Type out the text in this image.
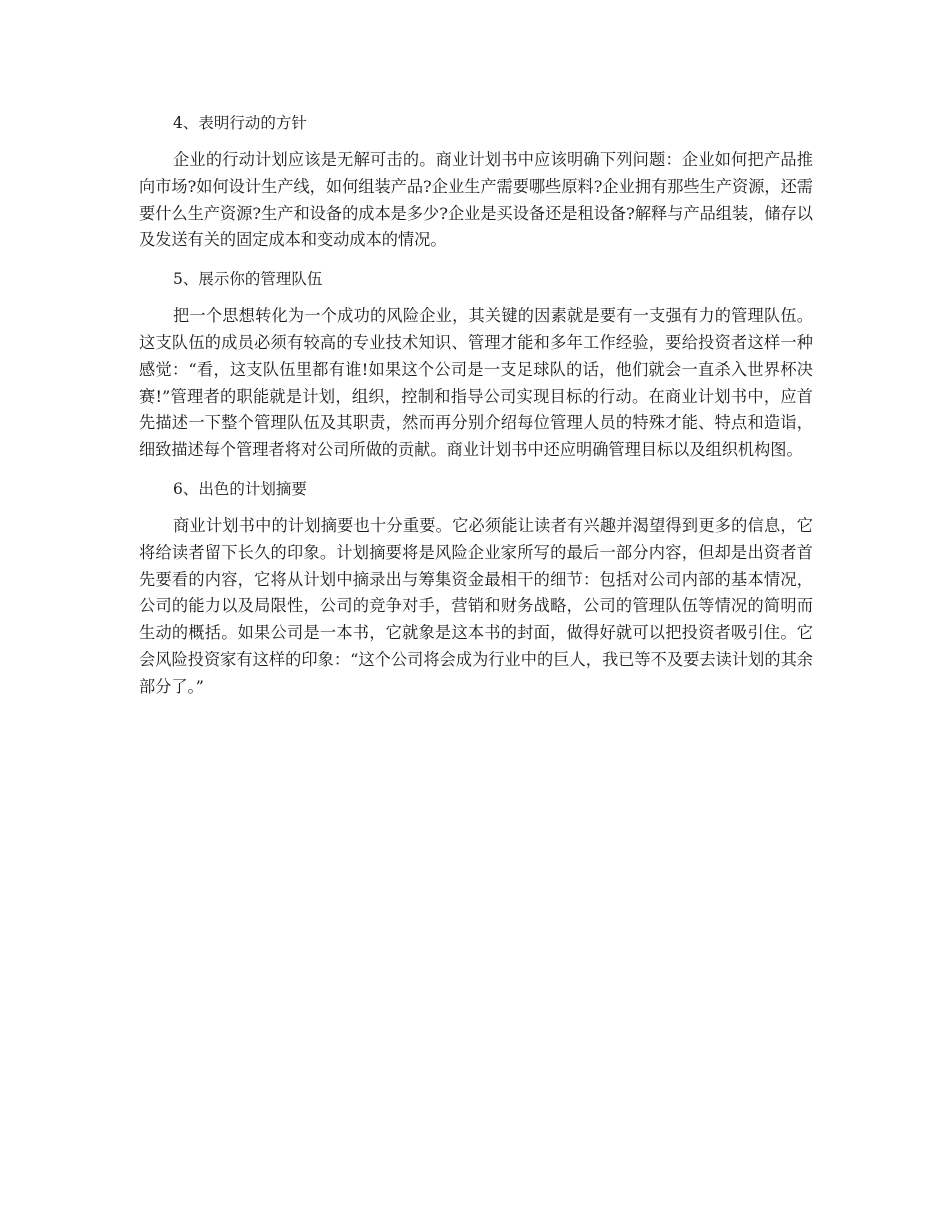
4、表明行动的方针

企业的行动计划应该是无解可击的。商业计划书中应该明确下列问题：企业如何把产品推向市场?如何设计生产线，如何组装产品?企业生产需要哪些原料?企业拥有那些生产资源，还需要什么生产资源?生产和设备的成本是多少?企业是买设备还是租设备?解释与产品组装，储存以及发送有关的固定成本和变动成本的情况。

5、展示你的管理队伍

把一个思想转化为一个成功的风险企业，其关键的因素就是要有一支强有力的管理队伍。这支队伍的成员必须有较高的专业技术知识、管理才能和多年工作经验，要给投资者这样一种感觉：“看，这支队伍里都有谁!如果这个公司是一支足球队的话，他们就会一直杀入世界杯决赛!”管理者的职能就是计划，组织，控制和指导公司实现目标的行动。在商业计划书中，应首先描述一下整个管理队伍及其职责，然而再分别介绍每位管理人员的特殊才能、特点和造诣，细致描述每个管理者将对公司所做的贡献。商业计划书中还应明确管理目标以及组织机构图。

6、出色的计划摘要

商业计划书中的计划摘要也十分重要。它必须能让读者有兴趣并渴望得到更多的信息，它将给读者留下长久的印象。计划摘要将是风险企业家所写的最后一部分内容，但却是出资者首先要看的内容，它将从计划中摘录出与筹集资金最相干的细节：包括对公司内部的基本情况，公司的能力以及局限性，公司的竞争对手，营销和财务战略，公司的管理队伍等情况的简明而生动的概括。如果公司是一本书，它就象是这本书的封面，做得好就可以把投资者吸引住。它会风险投资家有这样的印象：“这个公司将会成为行业中的巨人，我已等不及要去读计划的其余部分了。”
